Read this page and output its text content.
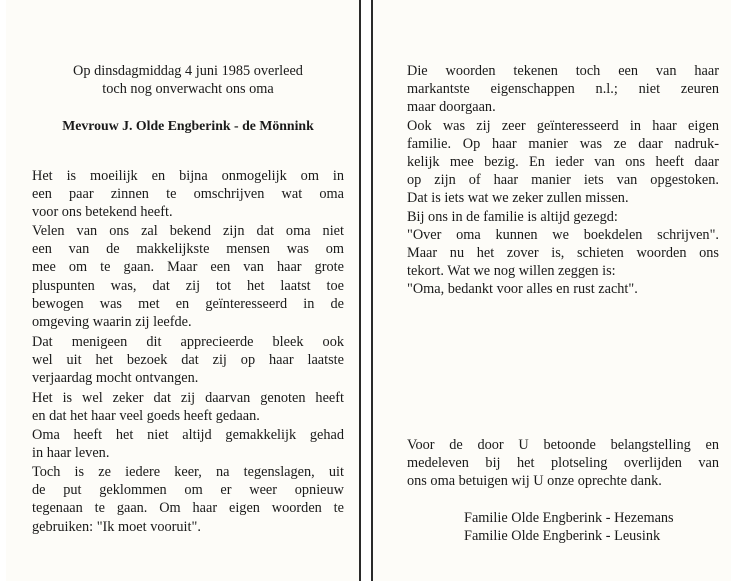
Op dinsdagmiddag 4 juni 1985 overleed
toch nog onverwacht ons oma
Mevrouw J. Olde Engberink - de Mönnink
Het is moeilijk en bijna onmogelijk om in
een paar zinnen te omschrijven wat oma
voor ons betekend heeft.
Velen van ons zal bekend zijn dat oma niet
een van de makkelijkste mensen was om
mee om te gaan. Maar een van haar grote
pluspunten was, dat zij tot het laatst toe
bewogen was met en geïnteresseerd in de
omgeving waarin zij leefde.
Dat menigeen dit apprecieerde bleek ook
wel uit het bezoek dat zij op haar laatste
verjaardag mocht ontvangen.
Het is wel zeker dat zij daarvan genoten heeft
en dat het haar veel goeds heeft gedaan.
Oma heeft het niet altijd gemakkelijk gehad
in haar leven.
Toch is ze iedere keer, na tegenslagen, uit
de put geklommen om er weer opnieuw
tegenaan te gaan. Om haar eigen woorden te
gebruiken: "Ik moet vooruit".
Die woorden tekenen toch een van haar
markantste eigenschappen n.l.; niet zeuren
maar doorgaan.
Ook was zij zeer geïnteresseerd in haar eigen
familie. Op haar manier was ze daar nadruk-
kelijk mee bezig. En ieder van ons heeft daar
op zijn of haar manier iets van opgestoken.
Dat is iets wat we zeker zullen missen.
Bij ons in de familie is altijd gezegd:
"Over oma kunnen we boekdelen schrijven".
Maar nu het zover is, schieten woorden ons
tekort. Wat we nog willen zeggen is:
"Oma, bedankt voor alles en rust zacht".
Voor de door U betoonde belangstelling en
medeleven bij het plotseling overlijden van
ons oma betuigen wij U onze oprechte dank.
Familie Olde Engberink - Hezemans
Familie Olde Engberink - Leusink
